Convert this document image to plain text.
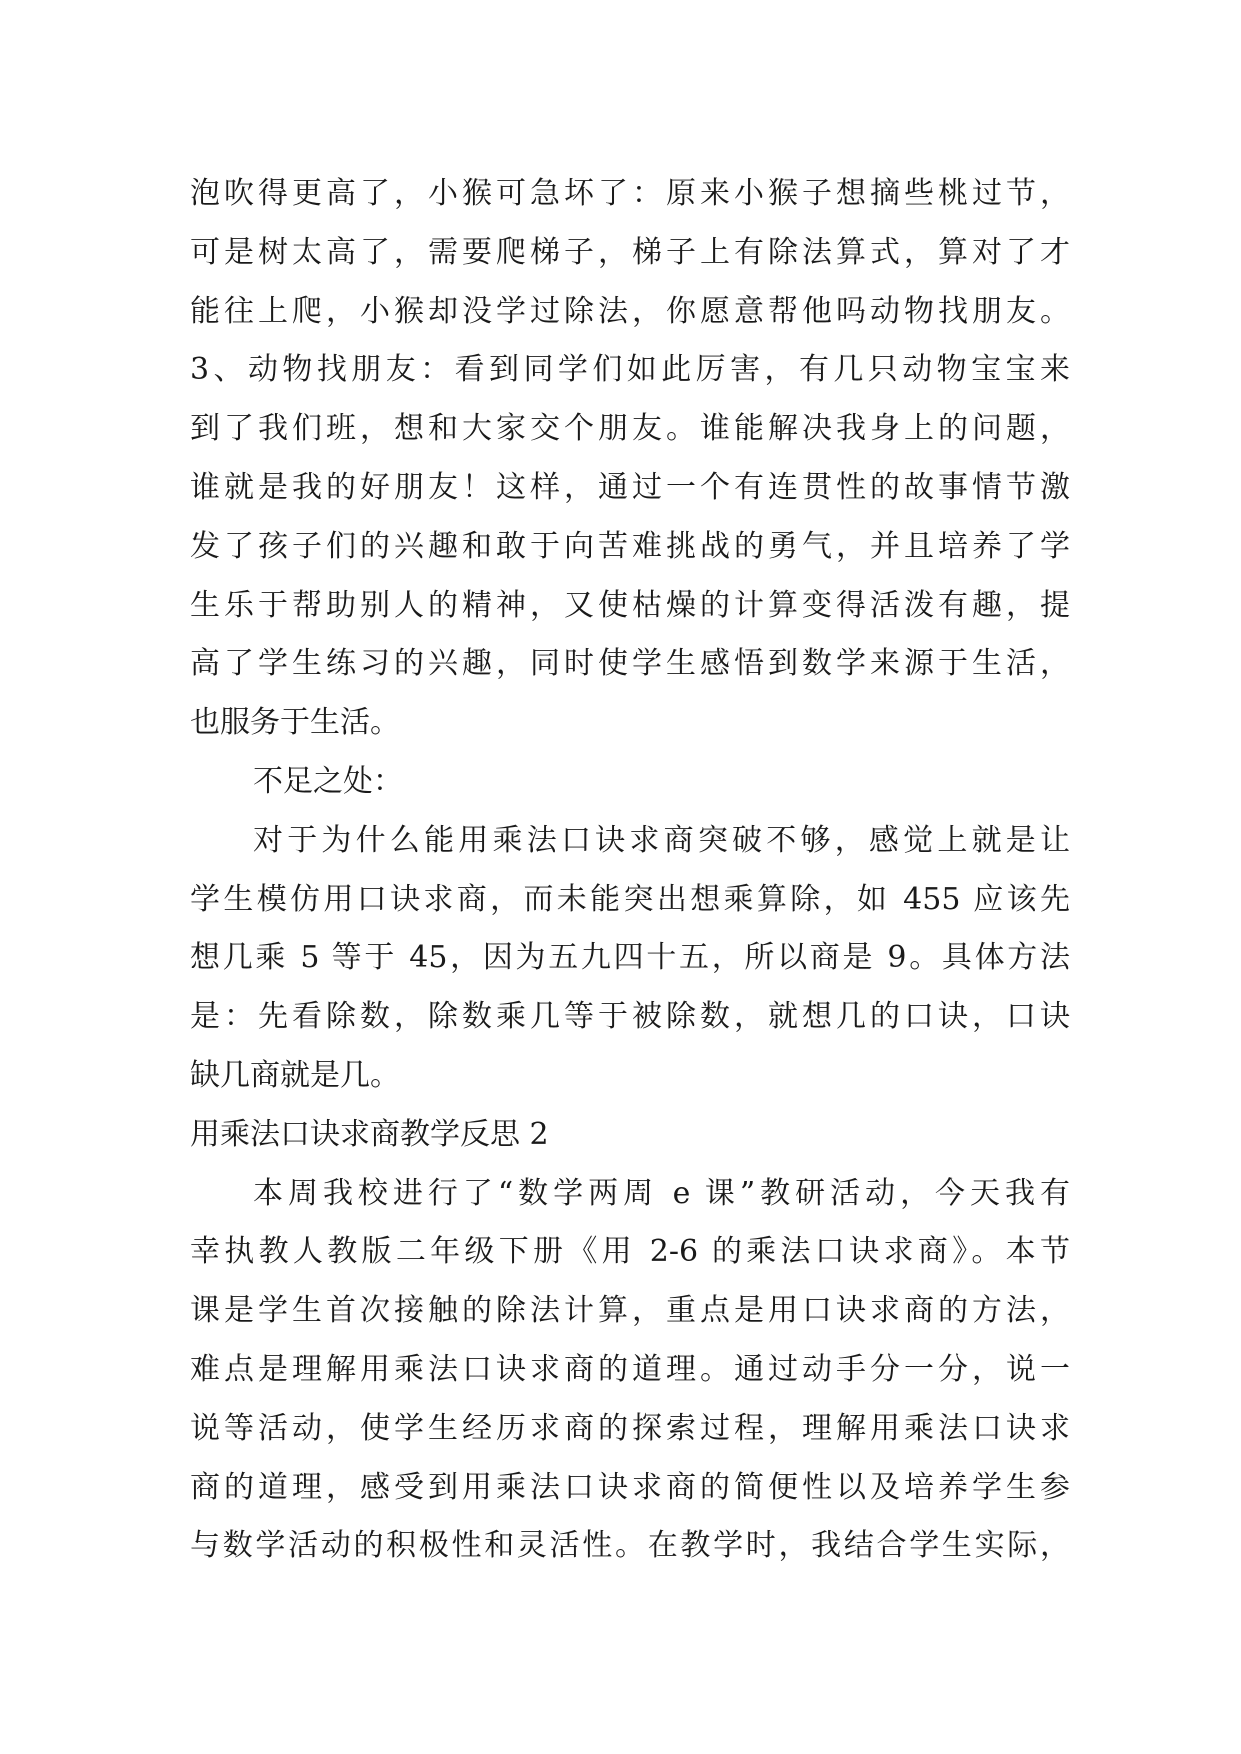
泡吹得更高了，小猴可急坏了：原来小猴子想摘些桃过节，
可是树太高了，需要爬梯子，梯子上有除法算式，算对了才
能往上爬，小猴却没学过除法，你愿意帮他吗动物找朋友。
3、动物找朋友：看到同学们如此厉害，有几只动物宝宝来
到了我们班，想和大家交个朋友。谁能解决我身上的问题，
谁就是我的好朋友！这样，通过一个有连贯性的故事情节激
发了孩子们的兴趣和敢于向苦难挑战的勇气，并且培养了学
生乐于帮助别人的精神，又使枯燥的计算变得活泼有趣，提
高了学生练习的兴趣，同时使学生感悟到数学来源于生活，
也服务于生活。
不足之处：
对于为什么能用乘法口诀求商突破不够，感觉上就是让
学生模仿用口诀求商，而未能突出想乘算除，如 455 应该先
想几乘 5 等于 45，因为五九四十五，所以商是 9。具体方法
是：先看除数，除数乘几等于被除数，就想几的口诀，口诀
缺几商就是几。
用乘法口诀求商教学反思 2
本周我校进行了“数学两周 e 课”教研活动，今天我有
幸执教人教版二年级下册《用 2-6 的乘法口诀求商》。本节
课是学生首次接触的除法计算，重点是用口诀求商的方法，
难点是理解用乘法口诀求商的道理。通过动手分一分，说一
说等活动，使学生经历求商的探索过程，理解用乘法口诀求
商的道理，感受到用乘法口诀求商的简便性以及培养学生参
与数学活动的积极性和灵活性。在教学时，我结合学生实际，
